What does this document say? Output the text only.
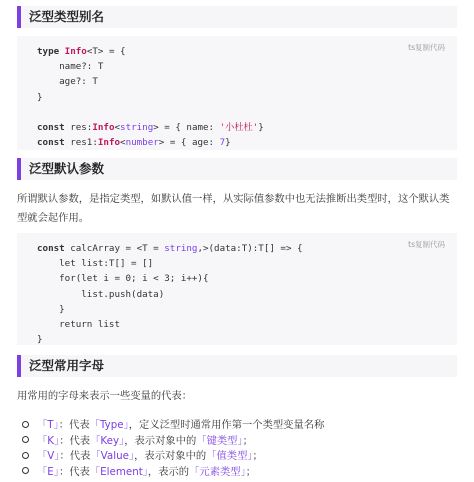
泛型类型别名
ts复制代码
type Info<T> = {
name?: T
age?: T
}
const res:Info<string> = { name: '小杜杜'}
const res1:Info<number> = { age: 7}
泛型默认参数
所谓默认参数，是指定类型，如默认值一样，从实际值参数中也无法推断出类型时，这个默认类型就会起作用。
ts复制代码
const calcArray = <T = string,>(data:T):T[] => {
let list:T[] = []
for(let i = 0; i < 3; i++){
list.push(data)
}
return list
}
泛型常用字母
用常用的字母来表示一些变量的代表：
「T」：代表「Type」，定义泛型时通常用作第一个类型变量名称
「K」：代表「Key」，表示对象中的「键类型」；
「V」：代表「Value」，表示对象中的「值类型」；
「E」：代表「Element」，表示的「元素类型」；
